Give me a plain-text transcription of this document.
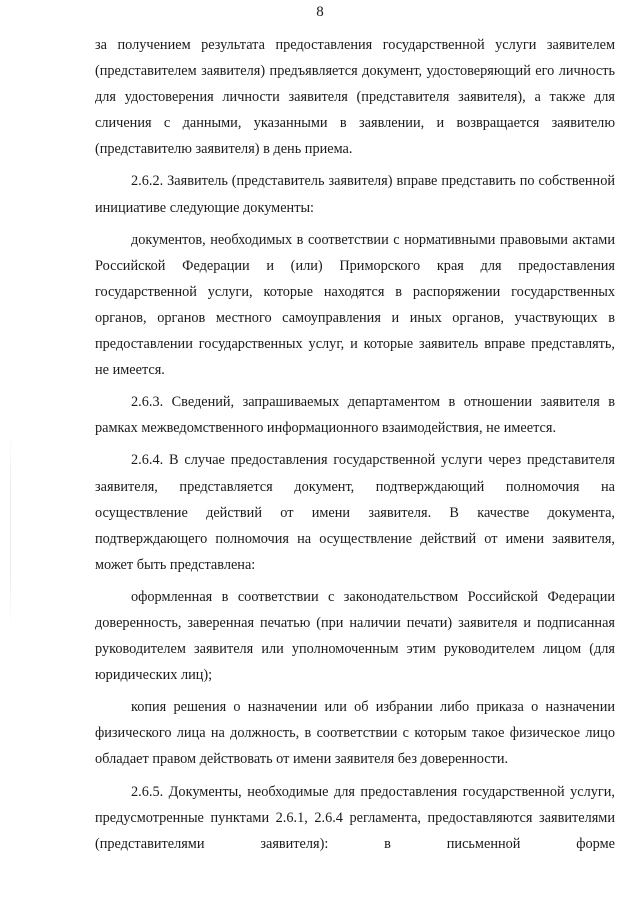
8

за получением результата предоставления государственной услуги заявителем (представителем заявителя) предъявляется документ, удостоверяющий его личность для удостоверения личности заявителя (представителя заявителя), а также для сличения с данными, указанными в заявлении, и возвращается заявителю (представителю заявителя) в день приема.

2.6.2. Заявитель (представитель заявителя) вправе представить по собственной инициативе следующие документы:

документов, необходимых в соответствии с нормативными правовыми актами Российской Федерации и (или) Приморского края для предоставления государственной услуги, которые находятся в распоряжении государственных органов, органов местного самоуправления и иных органов, участвующих в предоставлении государственных услуг, и которые заявитель вправе представлять, не имеется.

2.6.3. Сведений, запрашиваемых департаментом в отношении заявителя в рамках межведомственного информационного взаимодействия, не имеется.

2.6.4. В случае предоставления государственной услуги через представителя заявителя, представляется документ, подтверждающий полномочия на осуществление действий от имени заявителя. В качестве документа, подтверждающего полномочия на осуществление действий от имени заявителя, может быть представлена:

оформленная в соответствии с законодательством Российской Федерации доверенность, заверенная печатью (при наличии печати) заявителя и подписанная руководителем заявителя или уполномоченным этим руководителем лицом (для юридических лиц);

копия решения о назначении или об избрании либо приказа о назначении физического лица на должность, в соответствии с которым такое физическое лицо обладает правом действовать от имени заявителя без доверенности.

2.6.5. Документы, необходимые для предоставления государственной услуги, предусмотренные пунктами 2.6.1, 2.6.4 регламента, предоставляются заявителями (представителями заявителя): в письменной форме
